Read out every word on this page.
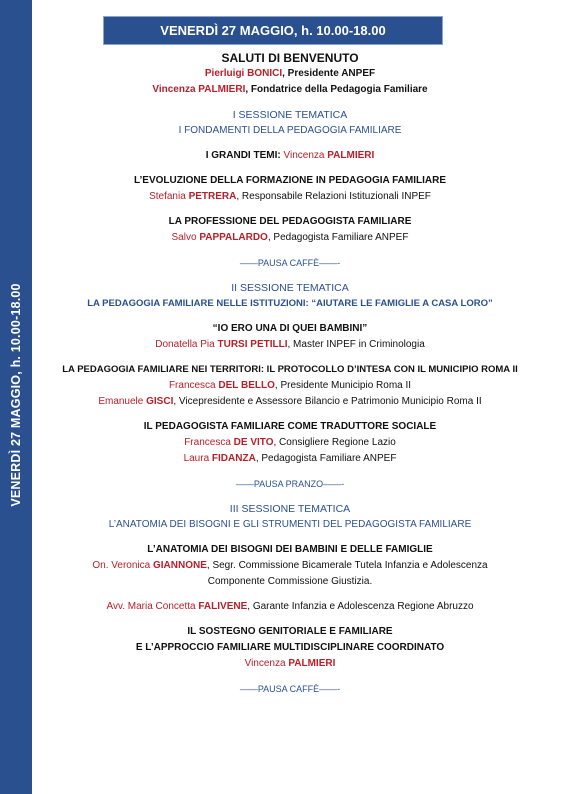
VENERDÌ 27 MAGGIO, h. 10.00-18.00
VENERDÌ 27 MAGGIO, h. 10.00-18.00
SALUTI DI BENVENUTO
Pierluigi BONICI, Presidente ANPEF
Vincenza PALMIERI, Fondatrice della Pedagogia Familiare
I SESSIONE TEMATICA
I FONDAMENTI DELLA PEDAGOGIA FAMILIARE
I GRANDI TEMI: Vincenza PALMIERI
L’EVOLUZIONE DELLA FORMAZIONE IN PEDAGOGIA FAMILIARE
Stefania PETRERA, Responsabile Relazioni Istituzionali INPEF
LA PROFESSIONE DEL PEDAGOGISTA FAMILIARE
Salvo PAPPALARDO, Pedagogista Familiare ANPEF
——PAUSA CAFFÈ——-
II SESSIONE TEMATICA
LA PEDAGOGIA FAMILIARE NELLE ISTITUZIONI: “AIUTARE LE FAMIGLIE A CASA LORO”
“IO ERO UNA DI QUEI BAMBINI”
Donatella Pia TURSI PETILLI, Master INPEF in Criminologia
LA PEDAGOGIA FAMILIARE NEI TERRITORI: IL PROTOCOLLO D’INTESA CON IL MUNICIPIO ROMA II
Francesca DEL BELLO, Presidente Municipio Roma II
Emanuele GISCI, Vicepresidente e Assessore Bilancio e Patrimonio Municipio Roma II
IL PEDAGOGISTA FAMILIARE COME TRADUTTORE SOCIALE
Francesca DE VITO, Consigliere Regione Lazio
Laura FIDANZA, Pedagogista Familiare ANPEF
——PAUSA PRANZO——-
III SESSIONE TEMATICA
L’ANATOMIA DEI BISOGNI E GLI STRUMENTI DEL PEDAGOGISTA FAMILIARE
L’ANATOMIA DEI BISOGNI DEI BAMBINI E DELLE FAMIGLIE
On. Veronica GIANNONE, Segr. Commissione Bicamerale Tutela Infanzia e Adolescenza
Componente Commissione Giustizia.
Avv. Maria Concetta FALIVENE, Garante Infanzia e Adolescenza Regione Abruzzo
IL SOSTEGNO GENITORIALE E FAMILIARE
E L’APPROCCIO FAMILIARE MULTIDISCIPLINARE COORDINATO
Vincenza PALMIERI
——PAUSA CAFFÈ——-
